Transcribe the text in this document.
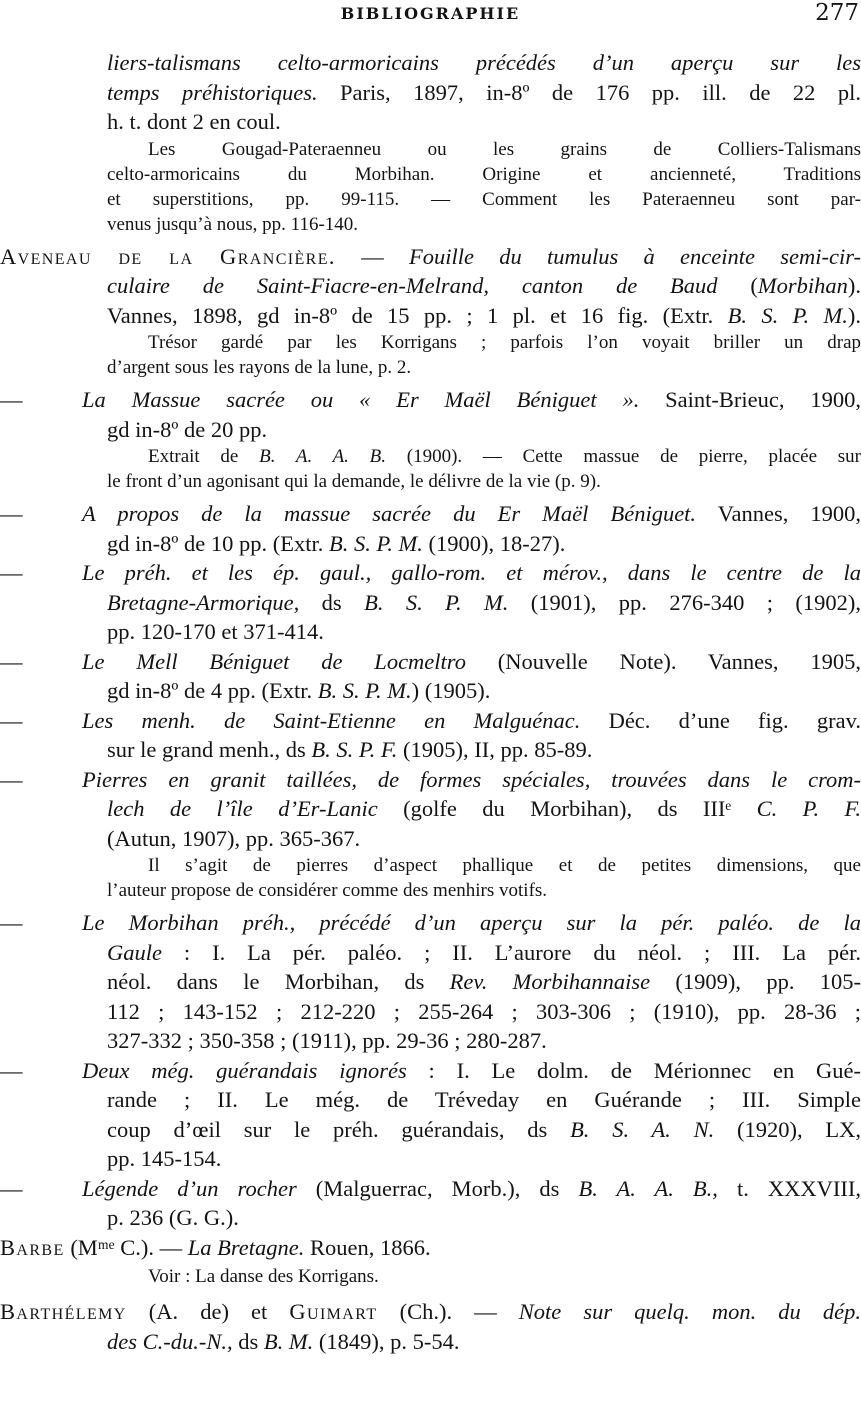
BIBLIOGRAPHIE	277
liers-talismans celto-armoricains précédés d’un aperçu sur les
temps préhistoriques. Paris, 1897, in-8º de 176 pp. ill. de 22 pl.
h. t. dont 2 en coul.
Les Gougad-Pateraenneu ou les grains de Colliers-Talismans
celto-armoricains du Morbihan. Origine et ancienneté, Traditions
et superstitions, pp. 99-115. — Comment les Pateraenneu sont par-
venus jusqu’à nous, pp. 116-140.
Aveneau de la Grancière. — Fouille du tumulus à enceinte semi-cir-
culaire de Saint-Fiacre-en-Melrand, canton de Baud (Morbihan).
Vannes, 1898, gd in-8º de 15 pp. ; 1 pl. et 16 fig. (Extr. B. S. P. M.).
Trésor gardé par les Korrigans ; parfois l’on voyait briller un drap
d’argent sous les rayons de la lune, p. 2.
—	La Massue sacrée ou « Er Maël Béniguet ». Saint-Brieuc, 1900,
gd in-8º de 20 pp.
Extrait de B. A. A. B. (1900). — Cette massue de pierre, placée sur
le front d’un agonisant qui la demande, le délivre de la vie (p. 9).
—	A propos de la massue sacrée du Er Maël Béniguet. Vannes, 1900,
gd in-8º de 10 pp. (Extr. B. S. P. M. (1900), 18-27).
—	Le préh. et les ép. gaul., gallo-rom. et mérov., dans le centre de la
Bretagne-Armorique, ds B. S. P. M. (1901), pp. 276-340 ; (1902),
pp. 120-170 et 371-414.
—	Le Mell Béniguet de Locmeltro (Nouvelle Note). Vannes, 1905,
gd in-8º de 4 pp. (Extr. B. S. P. M.) (1905).
—	Les menh. de Saint-Etienne en Malguénac. Déc. d’une fig. grav.
sur le grand menh., ds B. S. P. F. (1905), II, pp. 85-89.
—	Pierres en granit taillées, de formes spéciales, trouvées dans le crom-
lech de l’île d’Er-Lanic (golfe du Morbihan), ds IIIᵉ C. P. F.
(Autun, 1907), pp. 365-367.
Il s’agit de pierres d’aspect phallique et de petites dimensions, que
l’auteur propose de considérer comme des menhirs votifs.
—	Le Morbihan préh., précédé d’un aperçu sur la pér. paléo. de la
Gaule : I. La pér. paléo. ; II. L’aurore du néol. ; III. La pér.
néol. dans le Morbihan, ds Rev. Morbihannaise (1909), pp. 105-
112 ; 143-152 ; 212-220 ; 255-264 ; 303-306 ; (1910), pp. 28-36 ;
327-332 ; 350-358 ; (1911), pp. 29-36 ; 280-287.
—	Deux még. guérandais ignorés : I. Le dolm. de Mérionnec en Gué-
rande ; II. Le még. de Tréveday en Guérande ; III. Simple
coup d’œil sur le préh. guérandais, ds B. S. A. N. (1920), LX,
pp. 145-154.
—	Légende d’un rocher (Malguerrac, Morb.), ds B. A. A. B., t. XXXVIII,
p. 236 (G. G.).
Barbe (Mᵐᵉ C.). — La Bretagne. Rouen, 1866.
Voir : La danse des Korrigans.
Barthélemy (A. de) et Guimart (Ch.). — Note sur quelq. mon. du dép.
des C.-du.-N., ds B. M. (1849), p. 5-54.
